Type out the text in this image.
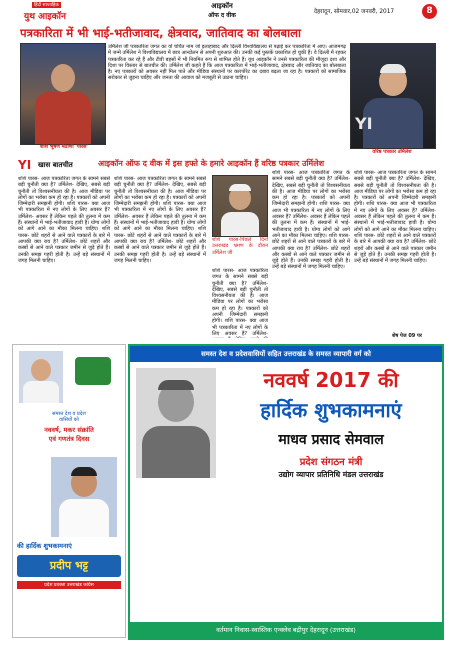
हिंदी साप्ताहिक
युथ आइकॉन
आइकॉन
ऑफ द वीक	देहरादून, सोमवार,02 जनवरी, 2017	8
पत्रकारिता में भी भाई-भतीजावाद, क्षेत्रवाद, जातिवाद का बोलबाला
शशि भूषण मैठाणी 'पारस'
उर्मिलेश जी पत्रकारिता जगत का वो चर्चित नाम जो इलाहाबाद और दिल्ली विश्वविद्यालय से पढ़ाई कर पत्रकारिता में आए। आजमगढ़ में जन्मे उर्मिलेश ने विश्वविद्यालय में छात्र आन्दोलन से अपनी शुरुआत की। उनकी कई पुस्तकें प्रकाशित हो चुकी हैं। वे दिल्ली में रहकर पत्रकारिता कर रहे हैं और टीवी बहसों में भी नियमित रूप से शामिल होते हैं। यूथ आइकॉन ने उनसे पत्रकारिता की मौजूदा दशा और दिशा पर विस्तार से बातचीत की। उर्मिलेश जी कहते हैं कि आज पत्रकारिता में भाई-भतीजावाद, क्षेत्रवाद और जातिवाद का बोलबाला है। नए पत्रकारों को अवसर नहीं मिल पाते और मीडिया संस्थानों पर कारपोरेट का दबाव बढ़ता जा रहा है। पत्रकारों को सामाजिक सरोकार से जुड़ना चाहिए और जनता की आवाज को मजबूती से उठाना चाहिए।
YI
वरिष्ठ पत्रकार उर्मिलेश
आइकॉन ऑफ द वीक में इस हफ्ते के हमारे आइकॉन हैं वरिष्ठ पत्रकार उर्मिलेश
YI खास बातचीत
शशि पारस- आज पत्रकारिता जगत के सामने सबसे बड़ी चुनौती क्या है? उर्मिलेश- देखिए, सबसे बड़ी चुनौती तो विश्वसनीयता की है। आज मीडिया पर लोगों का भरोसा कम हो रहा है। पत्रकारों को अपनी जिम्मेदारी समझनी होगी। शशि पारस- क्या आज भी पत्रकारिता में नए लोगों के लिए अवसर हैं? उर्मिलेश- अवसर हैं लेकिन पहले की तुलना में कम हैं। संस्थानों में भाई-भतीजावाद हावी है। योग्य लोगों को आगे आने का मौका मिलना चाहिए। शशि पारस- छोटे शहरों से आने वाले पत्रकारों के बारे में आपकी क्या राय है? उर्मिलेश- छोटे शहरों और कस्बों से आने वाले पत्रकार जमीन से जुड़े होते हैं। उनकी समझ गहरी होती है। उन्हें बड़े संस्थानों में जगह मिलनी चाहिए।
शशि पारस- आज पत्रकारिता जगत के सामने सबसे बड़ी चुनौती क्या है? उर्मिलेश- देखिए, सबसे बड़ी चुनौती तो विश्वसनीयता की है। आज मीडिया पर लोगों का भरोसा कम हो रहा है। पत्रकारों को अपनी जिम्मेदारी समझनी होगी। शशि पारस- क्या आज भी पत्रकारिता में नए लोगों के लिए अवसर हैं? उर्मिलेश- अवसर हैं लेकिन पहले की तुलना में कम हैं। संस्थानों में भाई-भतीजावाद हावी है। योग्य लोगों को आगे आने का मौका मिलना चाहिए। शशि पारस- छोटे शहरों से आने वाले पत्रकारों के बारे में आपकी क्या राय है? उर्मिलेश- छोटे शहरों और कस्बों से आने वाले पत्रकार जमीन से जुड़े होते हैं। उनकी समझ गहरी होती है। उन्हें बड़े संस्थानों में जगह मिलनी चाहिए।
शशि पारस-पिछले दिनों उत्तराखंड भ्रमण के दौरान उर्मिलेश जी
शशि पारस- आज पत्रकारिता जगत के सामने सबसे बड़ी चुनौती क्या है? उर्मिलेश- देखिए, सबसे बड़ी चुनौती तो विश्वसनीयता की है। आज मीडिया पर लोगों का भरोसा कम हो रहा है। पत्रकारों को अपनी जिम्मेदारी समझनी होगी। शशि पारस- क्या आज भी पत्रकारिता में नए लोगों के लिए अवसर हैं? उर्मिलेश-
शशि पारस- आज पत्रकारिता जगत के सामने सबसे बड़ी चुनौती क्या है? उर्मिलेश- देखिए, सबसे बड़ी चुनौती तो विश्वसनीयता की है। आज मीडिया पर लोगों का भरोसा कम हो रहा है। पत्रकारों को अपनी जिम्मेदारी समझनी होगी। शशि पारस- क्या आज भी पत्रकारिता में नए लोगों के लिए अवसर हैं? उर्मिलेश- अवसर हैं लेकिन पहले की तुलना में कम हैं। संस्थानों में भाई-भतीजावाद हावी है। योग्य लोगों को आगे आने का मौका मिलना चाहिए। शशि पारस- छोटे शहरों से आने वाले पत्रकारों के बारे में आपकी क्या राय है? उर्मिलेश- छोटे शहरों और कस्बों से आने वाले पत्रकार जमीन से जुड़े होते हैं। उनकी समझ गहरी होती है। उन्हें बड़े संस्थानों में जगह मिलनी चाहिए।
शशि पारस- आज पत्रकारिता जगत के सामने सबसे बड़ी चुनौती क्या है? उर्मिलेश- देखिए, सबसे बड़ी चुनौती तो विश्वसनीयता की है। आज मीडिया पर लोगों का भरोसा कम हो रहा है। पत्रकारों को अपनी जिम्मेदारी समझनी होगी। शशि पारस- क्या आज भी पत्रकारिता में नए लोगों के लिए अवसर हैं? उर्मिलेश- अवसर हैं लेकिन पहले की तुलना में कम हैं। संस्थानों में भाई-भतीजावाद हावी है। योग्य लोगों को आगे आने का मौका मिलना चाहिए। शशि पारस- छोटे शहरों से आने वाले पत्रकारों के बारे में आपकी क्या राय है? उर्मिलेश- छोटे शहरों और कस्बों से आने वाले पत्रकार जमीन से जुड़े होते हैं। उनकी समझ गहरी होती है। उन्हें बड़े संस्थानों में जगह मिलनी चाहिए।
शेष पेज 09 पर
समस्त देश व प्रदेश
वासियों को
नववर्ष, मकर संक्रांति
एवं गणतंत्र दिवस
की हार्दिक शुभकामनाएं
प्रदीप भट्ट
प्रदेश प्रवक्ता उत्तराखंड कांग्रेस
समस्त देश व प्रदेशवासियों सहित उत्तराखंड के समस्त व्यापारी वर्ग को
नववर्ष 2017 की
हार्दिक शुभकामनाएं
माधव प्रसाद सेमवाल
प्रदेश संगठन मंत्री
उद्योग व्यापार प्रतिनिधि मंडल उत्तराखंड
वर्तमान निवास-स्वास्तिक एन्क्लेव बद्रीपुर देहरादून (उत्तराखंड)
